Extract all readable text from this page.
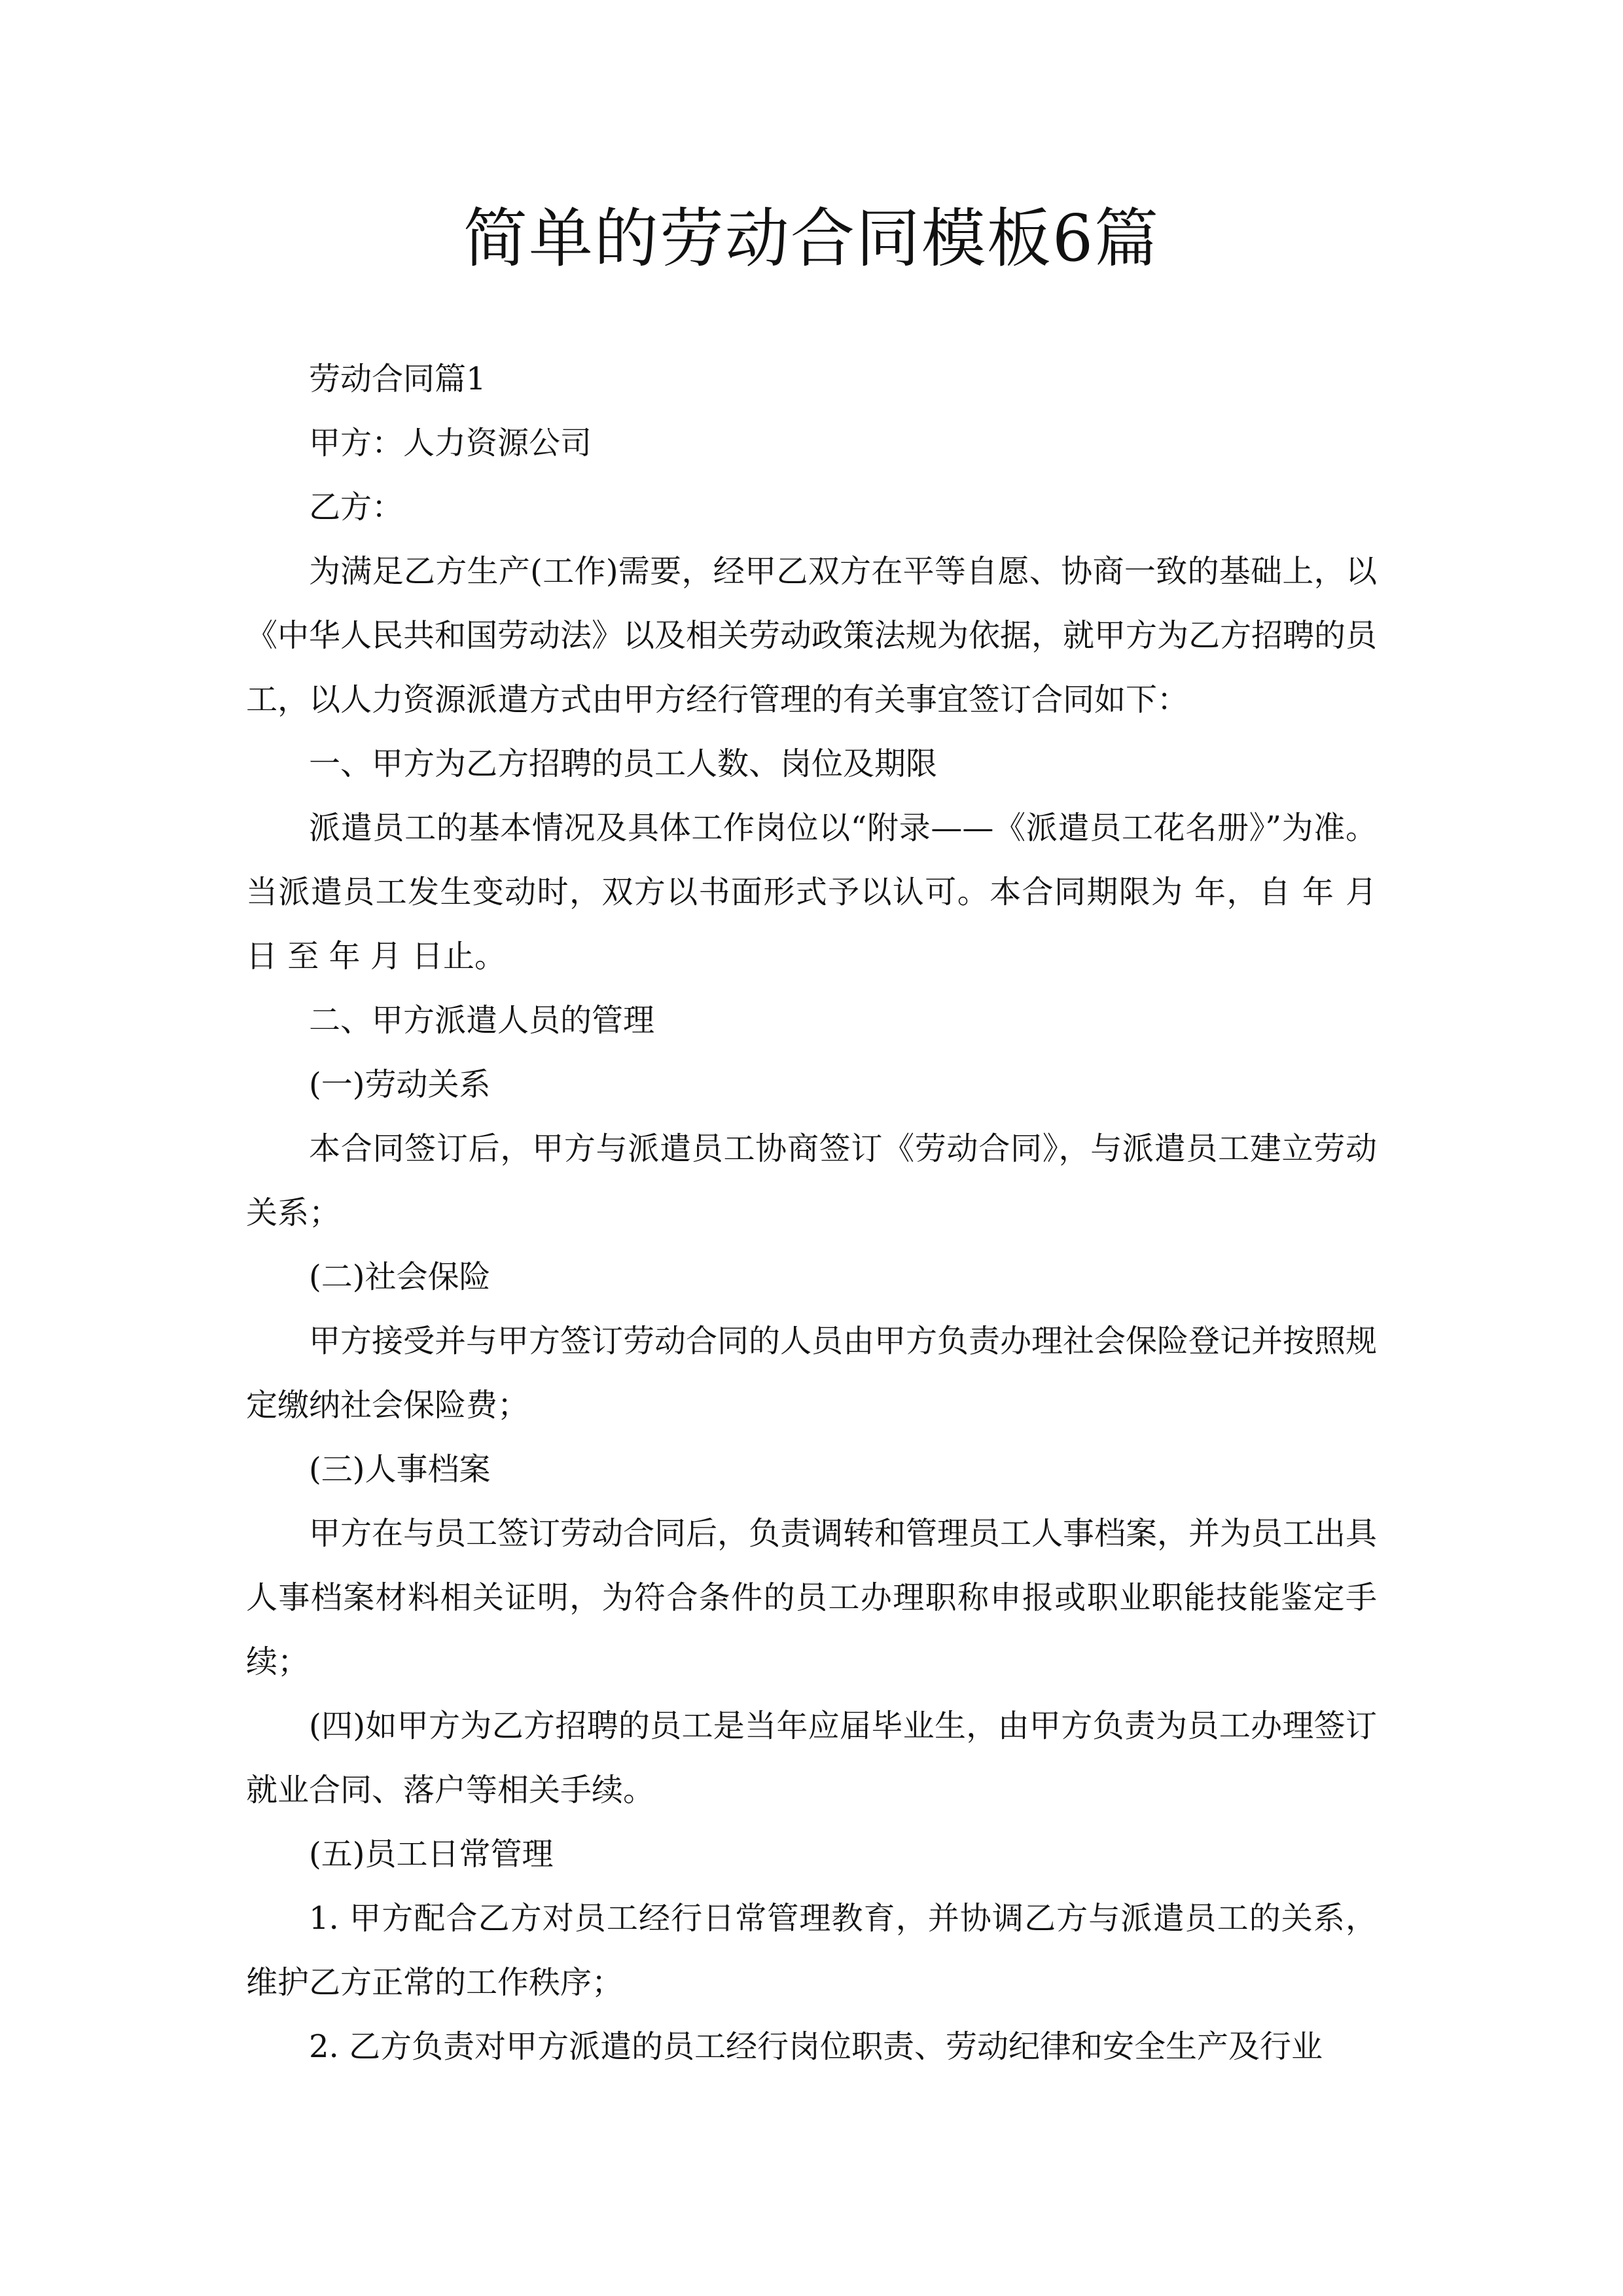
简单的劳动合同模板6篇

劳动合同篇1

甲方：人力资源公司

乙方：

为满足乙方生产(工作)需要，经甲乙双方在平等自愿、协商一致的基础上，以《中华人民共和国劳动法》以及相关劳动政策法规为依据，就甲方为乙方招聘的员工，以人力资源派遣方式由甲方经行管理的有关事宜签订合同如下：

一、甲方为乙方招聘的员工人数、岗位及期限

派遣员工的基本情况及具体工作岗位以“附录——《派遣员工花名册》”为准。当派遣员工发生变动时，双方以书面形式予以认可。本合同期限为 年，自 年 月 日 至 年 月 日止。

二、甲方派遣人员的管理

(一)劳动关系

本合同签订后，甲方与派遣员工协商签订《劳动合同》，与派遣员工建立劳动关系；

(二)社会保险

甲方接受并与甲方签订劳动合同的人员由甲方负责办理社会保险登记并按照规定缴纳社会保险费；

(三)人事档案

甲方在与员工签订劳动合同后，负责调转和管理员工人事档案，并为员工出具人事档案材料相关证明，为符合条件的员工办理职称申报或职业职能技能鉴定手续；

(四)如甲方为乙方招聘的员工是当年应届毕业生，由甲方负责为员工办理签订就业合同、落户等相关手续。

(五)员工日常管理

1. 甲方配合乙方对员工经行日常管理教育，并协调乙方与派遣员工的关系，维护乙方正常的工作秩序；

2. 乙方负责对甲方派遣的员工经行岗位职责、劳动纪律和安全生产及行业
